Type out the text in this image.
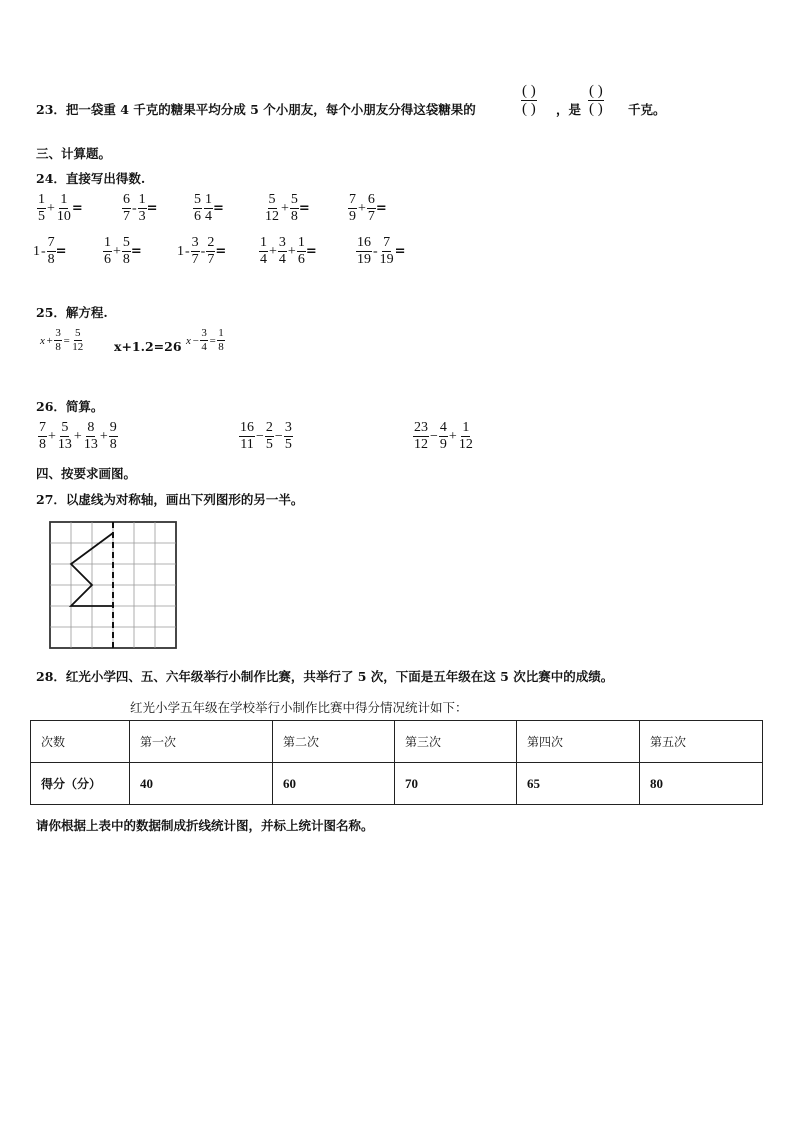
23．把一袋重 4 千克的糖果平均分成 5 个小朋友，每个小朋友分得这袋糖果的	$\frac{( )}{( )}$ ，是 $\frac{( )}{( )}$ 千克。
三、计算题。
24．直接写出得数.
$\frac{1}{5} + \frac{1}{10}$ =	$\frac{6}{7} - \frac{1}{3}$ =	$\frac{5}{6} \frac{1}{4}$ =	$\frac{5}{12} + \frac{5}{8}$ =	$\frac{7}{9} + \frac{6}{7}$ =
$1 - \frac{7}{8}$ =	$\frac{1}{6} + \frac{5}{8}$ =	$1 - \frac{3}{7} - \frac{2}{7} = \frac{1}{4} + \frac{3}{4} + \frac{1}{6}$ =	$\frac{16}{19} - \frac{7}{19}$ =
25．解方程.
$x + \frac{3}{8} = \frac{5}{12} x+1.2=26$ $x - \frac{3}{4} = \frac{1}{8}$
26．简算。
$\frac{7}{8} + \frac{5}{13} + \frac{8}{13} + \frac{9}{8}$	$\frac{16}{11} - \frac{2}{5} - \frac{3}{5}$	$\frac{23}{12} - \frac{4}{9} + \frac{1}{12}$
四、按要求画图。
27．以虚线为对称轴，画出下列图形的另一半。
28．红光小学四、五、六年级举行小制作比赛，共举行了 5 次，下面是五年级在这 5 次比赛中的成绩。
红光小学五年级在学校举行小制作比赛中得分情况统计如下：
次数	第一次	第二次	第三次	第四次	第五次
得分（分）	40	60	70	65	80
请你根据上表中的数据制成折线统计图，并标上统计图名称。
